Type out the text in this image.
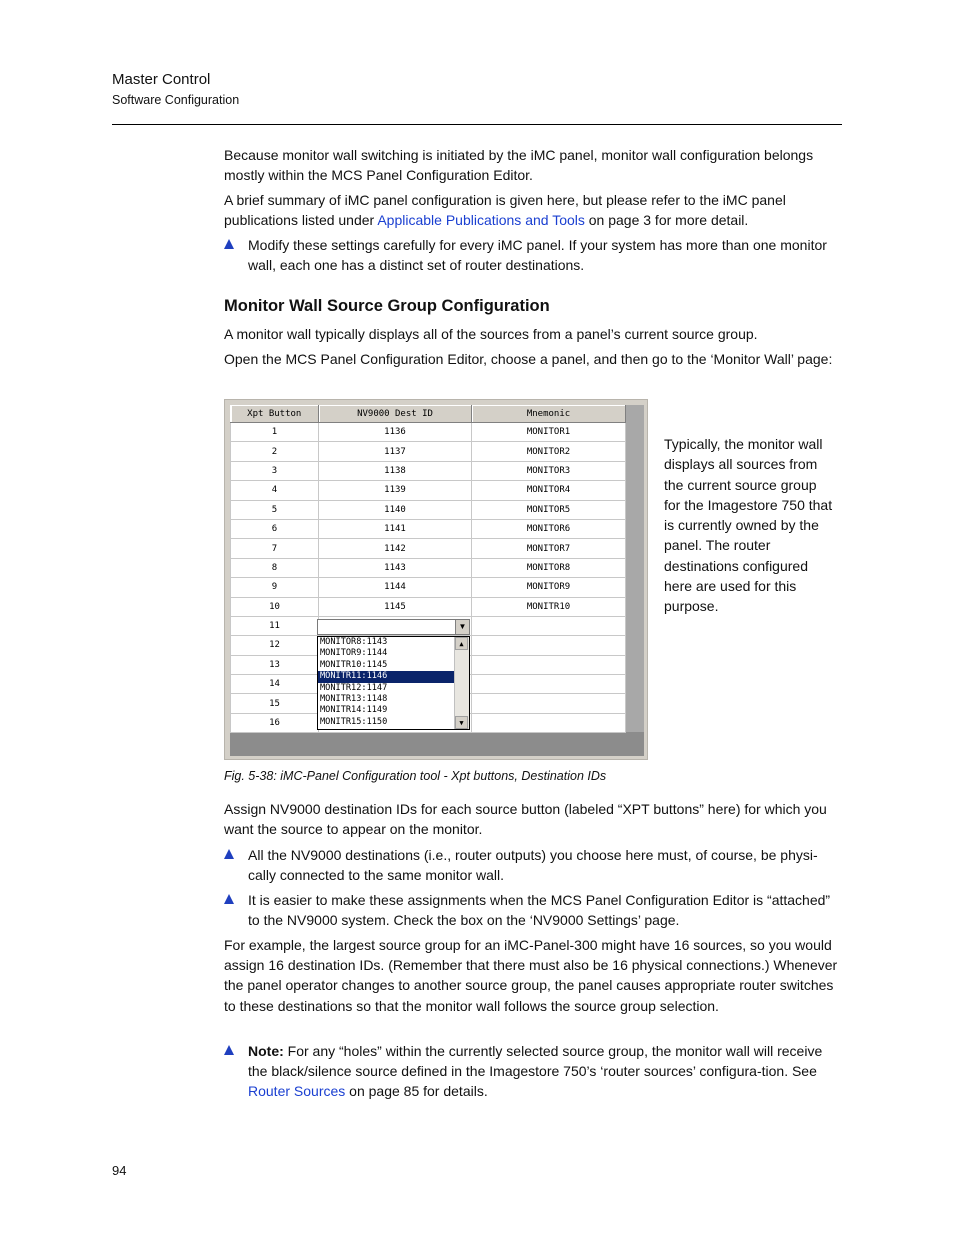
Master Control
Software Configuration

Because monitor wall switching is initiated by the iMC panel, monitor wall configuration belongs mostly within the MCS Panel Configuration Editor.

A brief summary of iMC panel configuration is given here, but please refer to the iMC panel publications listed under Applicable Publications and Tools on page 3 for more detail.

Modify these settings carefully for every iMC panel. If your system has more than one monitor wall, each one has a distinct set of router destinations.

Monitor Wall Source Group Configuration

A monitor wall typically displays all of the sources from a panel’s current source group.

Open the MCS Panel Configuration Editor, choose a panel, and then go to the ‘Monitor Wall’ page:

Xpt Button	NV9000 Dest ID	Mnemonic
1	1136	MONITOR1
2	1137	MONITOR2
3	1138	MONITOR3
4	1139	MONITOR4
5	1140	MONITOR5
6	1141	MONITOR6
7	1142	MONITOR7
8	1143	MONITOR8
9	1144	MONITOR9
10	1145	MONITR10
11		
12		
13		
14		
15		
16		
▼
MONITOR8:1143
MONITOR9:1144
MONITR10:1145
MONITR11:1146
MONITR12:1147
MONITR13:1148
MONITR14:1149
MONITR15:1150
▲
▼

Typically, the monitor wall displays all sources from the current source group for the Imagestore 750 that is currently owned by the panel. The router destinations configured here are used for this purpose.

Fig. 5-38: iMC-Panel Configuration tool - Xpt buttons, Destination IDs

Assign NV9000 destination IDs for each source button (labeled “XPT buttons” here) for which you want the source to appear on the monitor.

All the NV9000 destinations (i.e., router outputs) you choose here must, of course, be physi-cally connected to the same monitor wall.

It is easier to make these assignments when the MCS Panel Configuration Editor is “attached” to the NV9000 system. Check the box on the ‘NV9000 Settings’ page.

For example, the largest source group for an iMC-Panel-300 might have 16 sources, so you would assign 16 destination IDs. (Remember that there must also be 16 physical connections.) Whenever the panel operator changes to another source group, the panel causes appropriate router switches to these destinations so that the monitor wall follows the source group selection.

Note: For any “holes” within the currently selected source group, the monitor wall will receive the black/silence source defined in the Imagestore 750’s ‘router sources’ configura-tion. See Router Sources on page 85 for details.

94
